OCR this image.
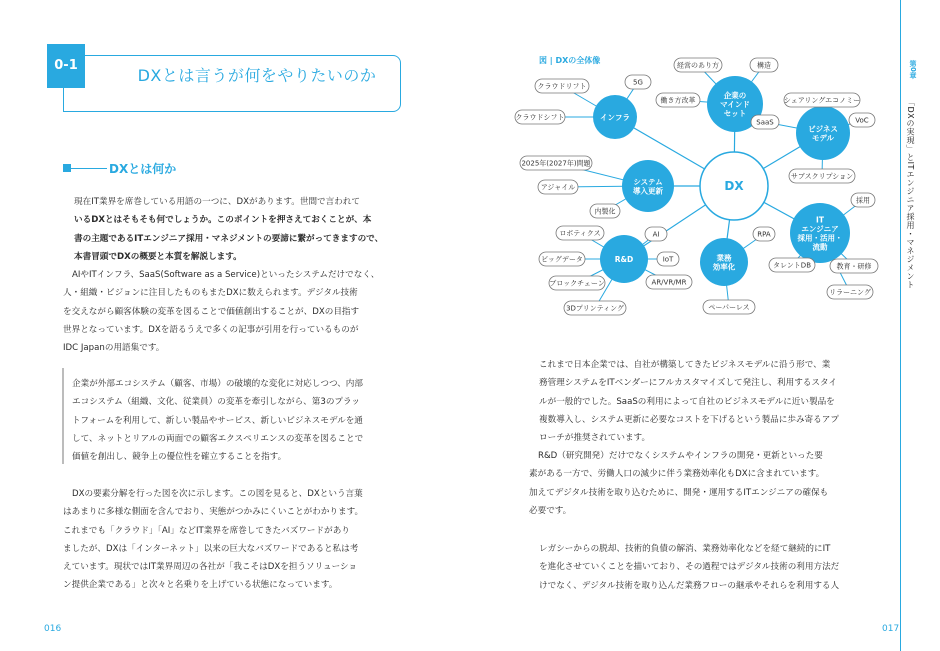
0-1
DXとは言うが何をやりたいのか
DXとは何か
現在IT業界を席巻している用語の一つに、DXがあります。世間で言われて
いるDXとはそもそも何でしょうか。このポイントを押さえておくことが、本
書の主題であるITエンジニア採用・マネジメントの要諦に繋がってきますので、
本書冒頭でDXの概要と本質を解説します。
AIやITインフラ、SaaS(Software as a Service)といったシステムだけでなく、
人・組織・ビジョンに注目したものもまたDXに数えられます。デジタル技術
を交えながら顧客体験の変革を図ることで価値創出することが、DXの目指す
世界となっています。DXを語るうえで多くの記事が引用を行っているものが
IDC Japanの用語集です。
企業が外部エコシステム（顧客、市場）の破壊的な変化に対応しつつ、内部
エコシステム（組織、文化、従業員）の変革を牽引しながら、第3のプラッ
トフォームを利用して、新しい製品やサービス、新しいビジネスモデルを通
して、ネットとリアルの両面での顧客エクスペリエンスの変革を図ることで
価値を創出し、競争上の優位性を確立することを指す。
DXの要素分解を行った図を次に示します。この図を見ると、DXという言葉
はあまりに多様な側面を含んでおり、実態がつかみにくいことがわかります。
これまでも「クラウド」「AI」などIT業界を席巻してきたバズワードがあり
ましたが、DXは「インターネット」以来の巨大なバズワードであると私は考
えています。現状ではIT業界周辺の各社が「我こそはDXを担うソリューショ
ン提供企業である」と次々と名乗りを上げている状態になっています。
016
図 | DXの全体像
DX
企業の
マインド
セット
経営のあり方	構造
働き方改革
インフラ
5G
クラウドリフト
クラウドシフト
ビジネス
モデル
シェアリングエコノミー
SaaS	VoC
サブスクリプション
システム
導入更新
2025年(2027年)問題
アジャイル
内製化
IT
エンジニア
採用・活用・
流動
採用
タレントDB	教育・研修
リラーニング
R&D
ロボティクス	AI
ビッグデータ	IoT
ブロックチェーン	AR/VR/MR
3Dプリンティング
業務
効率化
RPA
ペーパーレス
これまで日本企業では、自社が構築してきたビジネスモデルに沿う形で、業
務管理システムをITベンダーにフルカスタマイズして発注し、利用するスタイ
ルが一般的でした。SaaSの利用によって自社のビジネスモデルに近い製品を
複数導入し、システム更新に必要なコストを下げるという製品に歩み寄るアプ
ローチが推奨されています。
R&D（研究開発）だけでなくシステムやインフラの開発・更新といった要
素がある一方で、労働人口の減少に伴う業務効率化もDXに含まれています。
加えてデジタル技術を取り込むために、開発・運用するITエンジニアの確保も
必要です。
レガシーからの脱却、技術的負債の解消、業務効率化などを経て継続的にIT
を進化させていくことを描いており、その過程ではデジタル技術の利用方法だ
けでなく、デジタル技術を取り込んだ業務フローの継承やそれらを利用する人
017
第0章
「DXの実現」とITエンジニア採用・マネジメント
